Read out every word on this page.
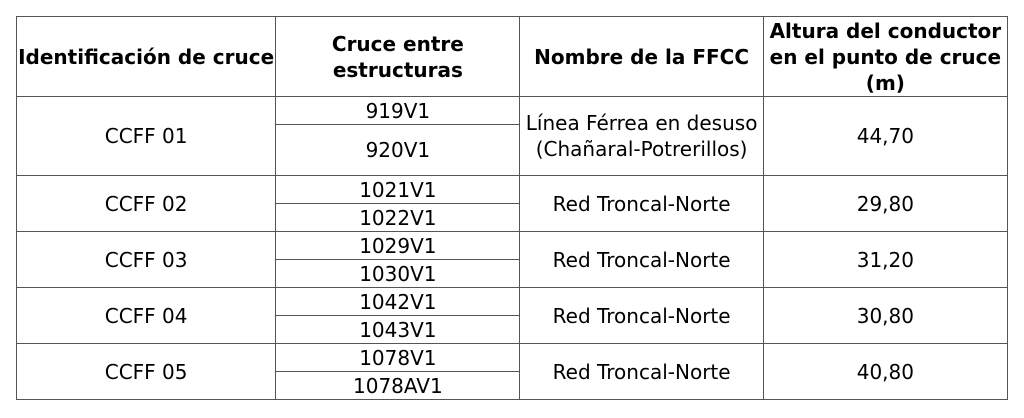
Identificación de cruce	Cruce entre estructuras	Nombre de la FFCC	Altura del conductor en el punto de cruce (m)
CCFF 01	919V1	Línea Férrea en desuso (Chañaral-Potrerillos)	44,70
	920V1		
CCFF 02	1021V1	Red Troncal-Norte	29,80
	1022V1		
CCFF 03	1029V1	Red Troncal-Norte	31,20
	1030V1		
CCFF 04	1042V1	Red Troncal-Norte	30,80
	1043V1		
CCFF 05	1078V1	Red Troncal-Norte	40,80
	1078AV1		
